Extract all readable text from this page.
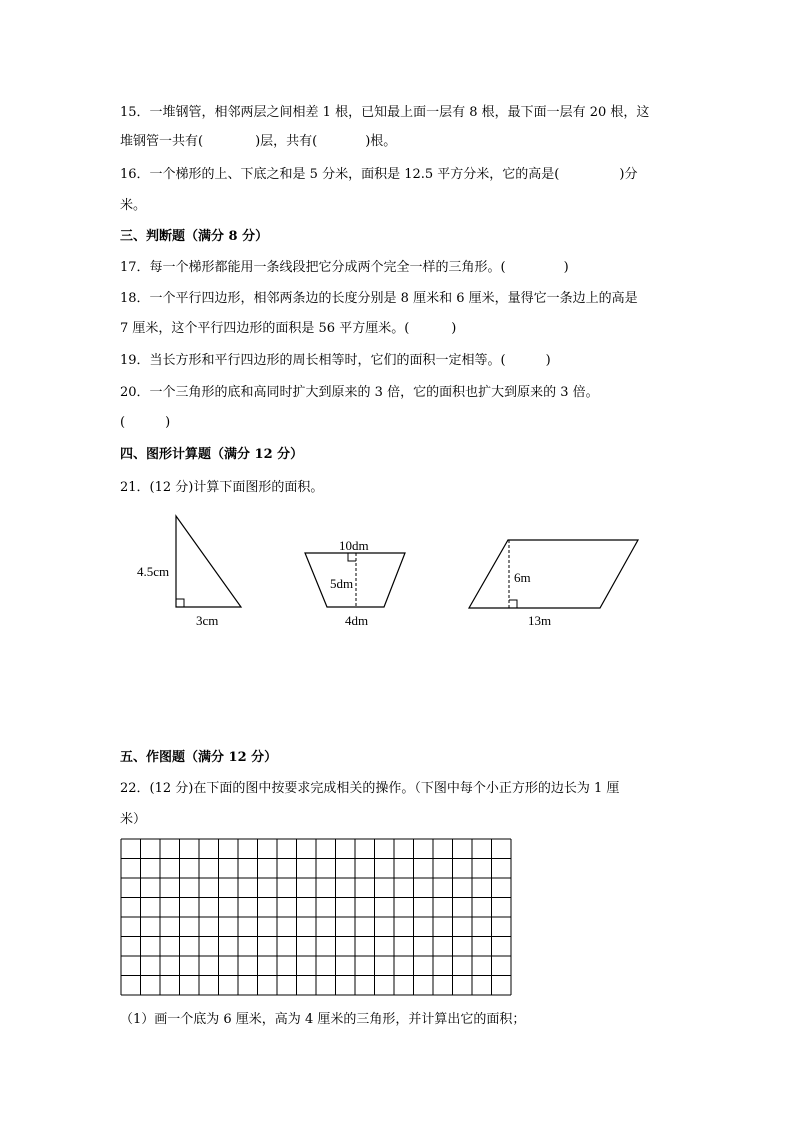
15．一堆钢管，相邻两层之间相差 1 根，已知最上面一层有 8 根，最下面一层有 20 根，这
堆钢管一共有(	)层，共有(	)根。
16．一个梯形的上、下底之和是 5 分米，面积是 12.5 平方分米，它的高是(	)分
米。
三、判断题（满分 8 分）
17．每一个梯形都能用一条线段把它分成两个完全一样的三角形。(	)
18．一个平行四边形，相邻两条边的长度分别是 8 厘米和 6 厘米，量得它一条边上的高是
7 厘米，这个平行四边形的面积是 56 平方厘米。(	)
19．当长方形和平行四边形的周长相等时，它们的面积一定相等。(	)
20．一个三角形的底和高同时扩大到原来的 3 倍，它的面积也扩大到原来的 3 倍。
(	)
四、图形计算题（满分 12 分）
21．(12 分)计算下面图形的面积。
4.5cm
3cm
10dm
5dm
4dm
6m
13m
五、作图题（满分 12 分）
22．(12 分)在下面的图中按要求完成相关的操作。（下图中每个小正方形的边长为 1 厘
米）
（1）画一个底为 6 厘米，高为 4 厘米的三角形，并计算出它的面积；
